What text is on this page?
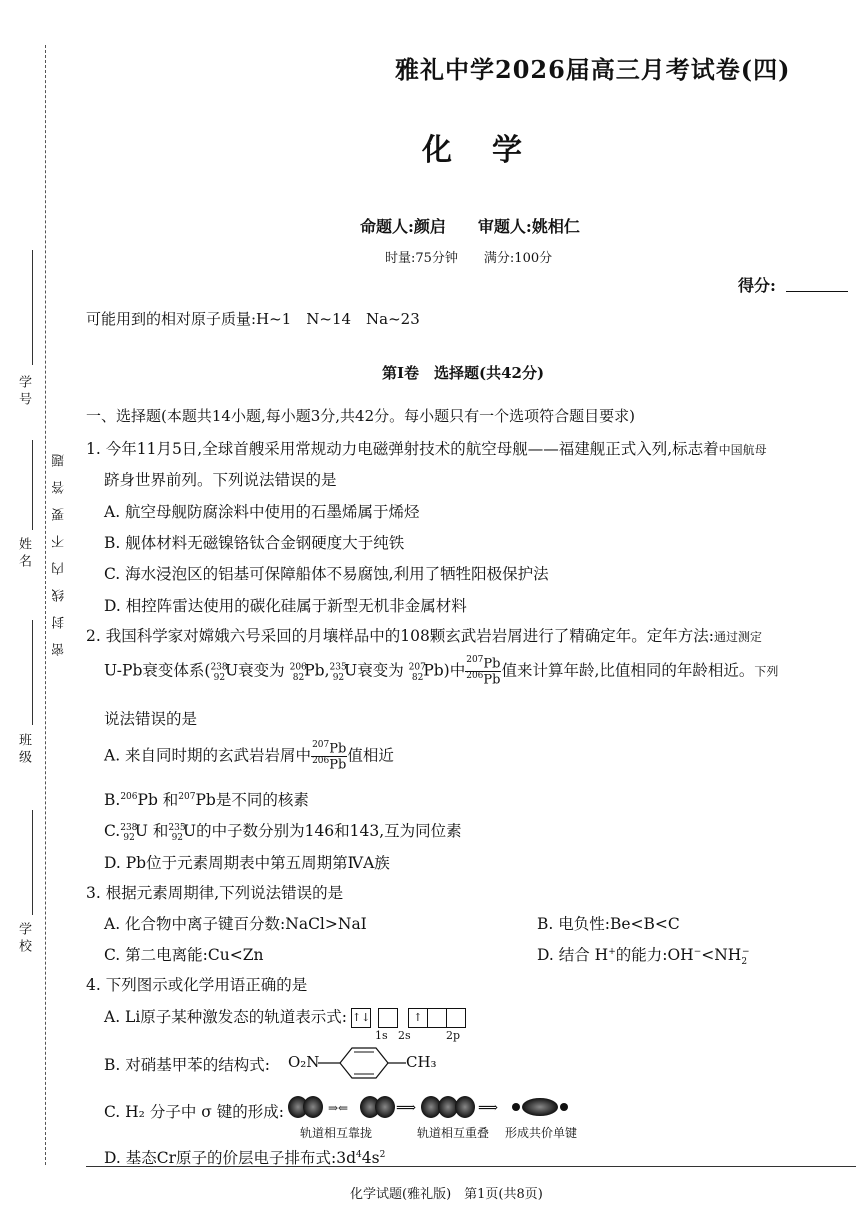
学 号
姓 名
班 级
学 校
密封线内不要答题
雅礼中学2026届高三月考试卷(四)
化学
命题人:颜启　　审题人:姚相仁
时量:75分钟　　满分:100分
得分:
可能用到的相对原子质量:H~1　N~14　Na~23
第Ⅰ卷　选择题(共42分)
一、选择题(本题共14小题,每小题3分,共42分。每小题只有一个选项符合题目要求)
1. 今年11月5日,全球首艘采用常规动力电磁弹射技术的航空母舰——福建舰正式入列,标志着中国航母
跻身世界前列。下列说法错误的是
A. 航空母舰防腐涂料中使用的石墨烯属于烯烃
B. 舰体材料无磁镍铬钛合金钢硬度大于纯铁
C. 海水浸泡区的铝基可保障船体不易腐蚀,利用了牺牲阳极保护法
D. 相控阵雷达使用的碳化硅属于新型无机非金属材料
2. 我国科学家对嫦娥六号采回的月壤样品中的108颗玄武岩岩屑进行了精确定年。定年方法:通过测定
U-Pb衰变体系($^{238}_{92}$U衰变为 $^{206}_{82}$Pb,$^{235}_{92}$U衰变为 $^{207}_{82}$Pb)中 $\frac{^{207}Pb}{^{206}Pb}$ 值来计算年龄,比值相同的年龄相近。下列
说法错误的是
A. 来自同时期的玄武岩岩屑中 $\frac{^{207}Pb}{^{206}Pb}$ 值相近
B.$^{206}$Pb 和$^{207}$Pb是不同的核素
C.$^{238}_{92}$U 和$^{235}_{92}$U的中子数分别为146和143,互为同位素
D. Pb位于元素周期表中第五周期第ⅣA族
3. 根据元素周期律,下列说法错误的是
A. 化合物中离子键百分数:NaCl>NaI	B. 电负性:Be<B<C
C. 第二电离能:Cu<Zn	D. 结合 H+的能力$:OH^-<NH_2^-$
4. 下列图示或化学用语正确的是
A. Li原子某种激发态的轨道表示式: ↑↓	↑
1s 2s	2p
B. 对硝基甲苯的结构式: O₂N	CH₃
C. H₂ 分子中 σ 键的形成:	⇒⇐	⟹	⟹
轨道相互靠拢	轨道相互重叠 形成共价单键
D. 基态Cr原子的价层电子排布式$:3d^44s^2$
化学试题(雅礼版)　第1页(共8页)
